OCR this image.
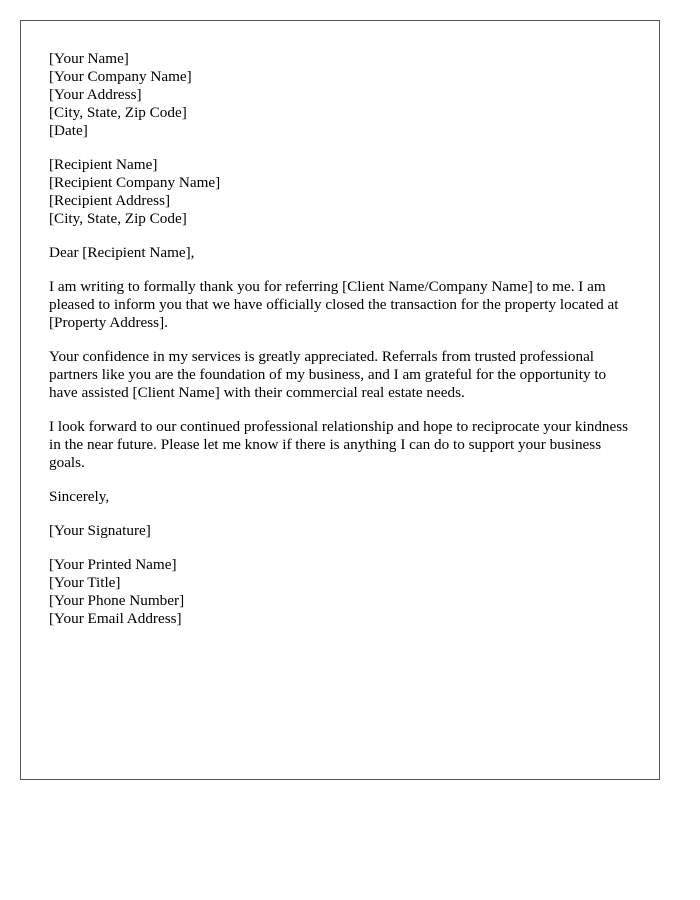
[Your Name]
[Your Company Name]
[Your Address]
[City, State, Zip Code]
[Date]
[Recipient Name]
[Recipient Company Name]
[Recipient Address]
[City, State, Zip Code]

Dear [Recipient Name],

I am writing to formally thank you for referring [Client Name/Company Name] to me. I am pleased to inform you that we have officially closed the transaction for the property located at [Property Address].

Your confidence in my services is greatly appreciated. Referrals from trusted professional partners like you are the foundation of my business, and I am grateful for the opportunity to have assisted [Client Name] with their commercial real estate needs.

I look forward to our continued professional relationship and hope to reciprocate your kindness in the near future. Please let me know if there is anything I can do to support your business goals.

Sincerely,

[Your Signature]

[Your Printed Name]
[Your Title]
[Your Phone Number]
[Your Email Address]
